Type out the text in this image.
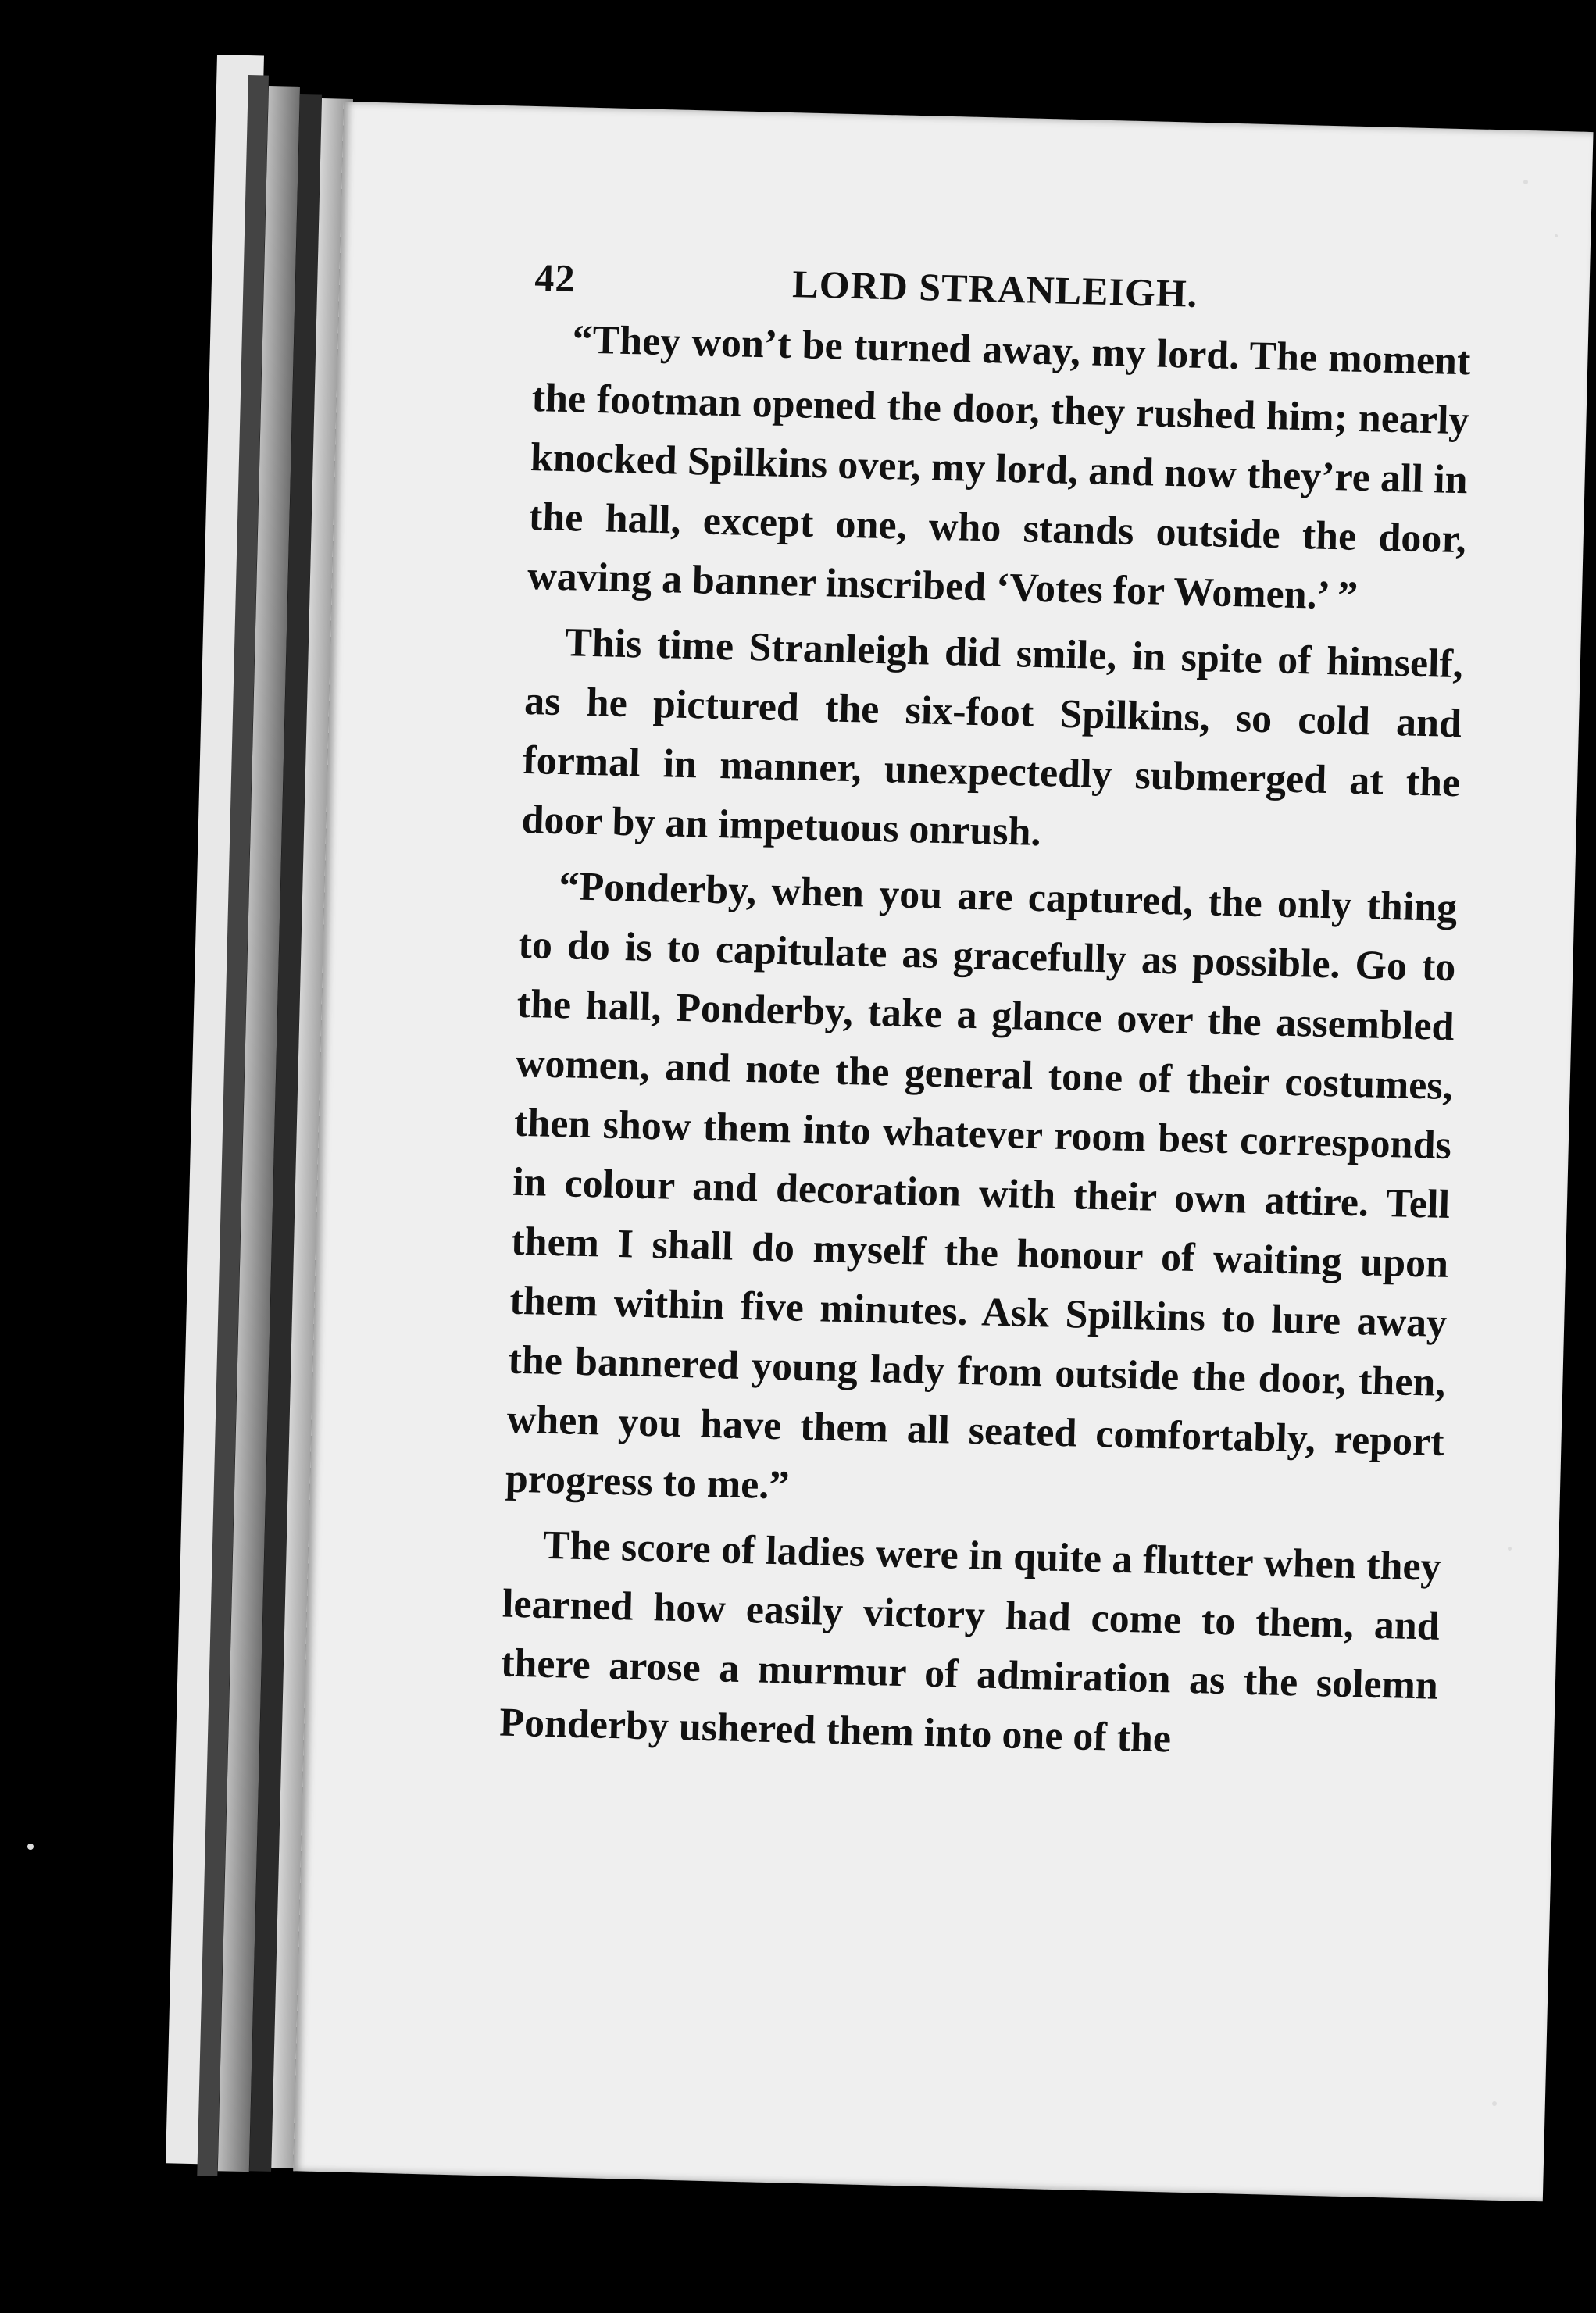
42	LORD STRANLEIGH.

“They won’t be turned away, my lord. The moment the footman opened the door, they rushed him; nearly knocked Spilkins over, my lord, and now they’re all in the hall, except one, who stands outside the door, waving a banner inscribed ‘Votes for Women.’ ”

This time Stranleigh did smile, in spite of himself, as he pictured the six-foot Spilkins, so cold and formal in manner, unexpectedly submerged at the door by an impetuous onrush.

“Ponderby, when you are captured, the only thing to do is to capitulate as gracefully as possible. Go to the hall, Ponderby, take a glance over the assembled women, and note the general tone of their costumes, then show them into whatever room best corresponds in colour and decoration with their own attire. Tell them I shall do myself the honour of waiting upon them within five minutes. Ask Spilkins to lure away the bannered young lady from outside the door, then, when you have them all seated comfortably, report progress to me.”

The score of ladies were in quite a flutter when they learned how easily victory had come to them, and there arose a murmur of admiration as the solemn Ponderby ushered them into one of the
